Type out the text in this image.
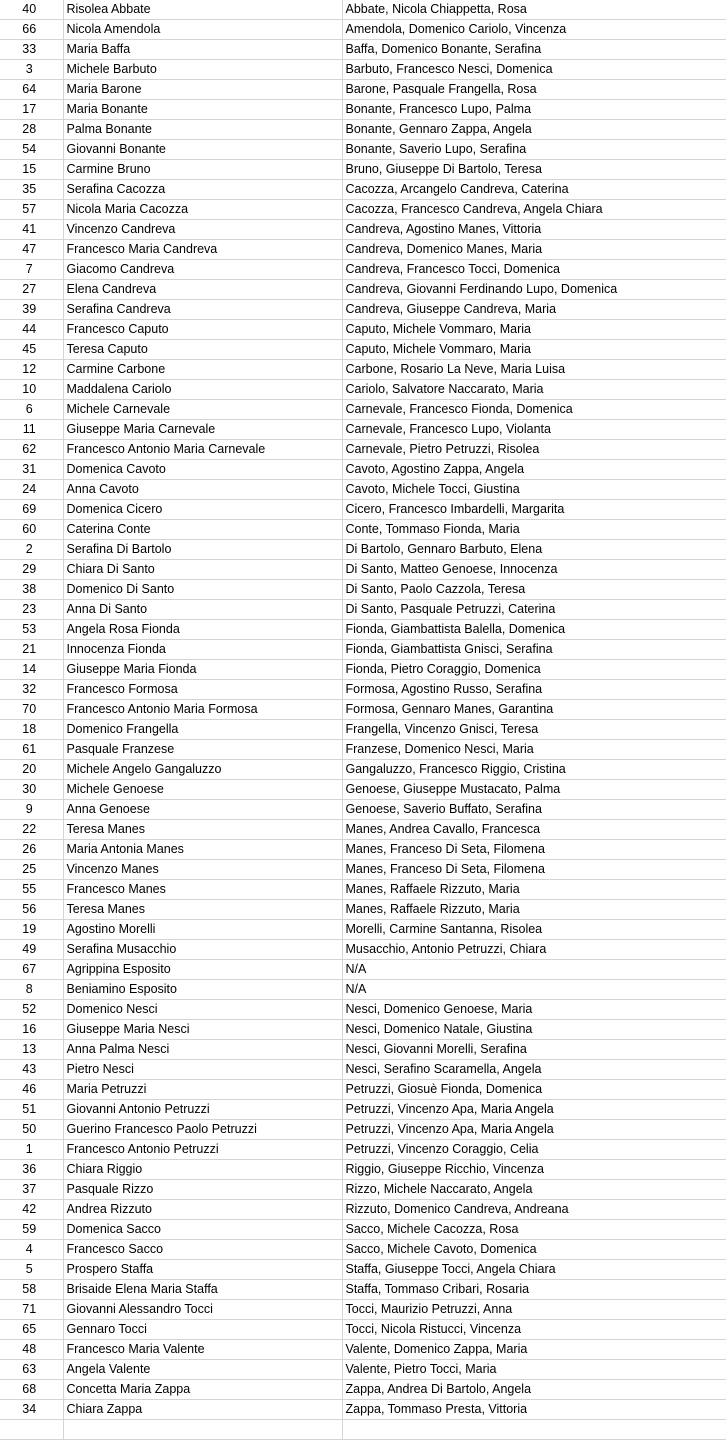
40	Risolea Abbate	Abbate, Nicola Chiappetta, Rosa
66	Nicola Amendola	Amendola, Domenico Cariolo, Vincenza
33	Maria Baffa	Baffa, Domenico Bonante, Serafina
3	Michele Barbuto	Barbuto, Francesco Nesci, Domenica
64	Maria Barone	Barone, Pasquale Frangella, Rosa
17	Maria Bonante	Bonante, Francesco Lupo, Palma
28	Palma Bonante	Bonante, Gennaro Zappa, Angela
54	Giovanni Bonante	Bonante, Saverio Lupo, Serafina
15	Carmine Bruno	Bruno, Giuseppe Di Bartolo, Teresa
35	Serafina Cacozza	Cacozza, Arcangelo Candreva, Caterina
57	Nicola Maria Cacozza	Cacozza, Francesco Candreva, Angela Chiara
41	Vincenzo Candreva	Candreva, Agostino Manes, Vittoria
47	Francesco Maria Candreva	Candreva, Domenico Manes, Maria
7	Giacomo Candreva	Candreva, Francesco Tocci, Domenica
27	Elena Candreva	Candreva, Giovanni Ferdinando Lupo, Domenica
39	Serafina Candreva	Candreva, Giuseppe Candreva, Maria
44	Francesco Caputo	Caputo, Michele Vommaro, Maria
45	Teresa Caputo	Caputo, Michele Vommaro, Maria
12	Carmine Carbone	Carbone, Rosario La Neve, Maria Luisa
10	Maddalena Cariolo	Cariolo, Salvatore Naccarato, Maria
6	Michele Carnevale	Carnevale, Francesco Fionda, Domenica
11	Giuseppe Maria Carnevale	Carnevale, Francesco Lupo, Violanta
62	Francesco Antonio Maria Carnevale	Carnevale, Pietro Petruzzi, Risolea
31	Domenica Cavoto	Cavoto, Agostino Zappa, Angela
24	Anna Cavoto	Cavoto, Michele Tocci, Giustina
69	Domenica Cicero	Cicero, Francesco Imbardelli, Margarita
60	Caterina Conte	Conte, Tommaso Fionda, Maria
2	Serafina Di Bartolo	Di Bartolo, Gennaro Barbuto, Elena
29	Chiara Di Santo	Di Santo, Matteo Genoese, Innocenza
38	Domenico Di Santo	Di Santo, Paolo Cazzola, Teresa
23	Anna Di Santo	Di Santo, Pasquale Petruzzi, Caterina
53	Angela Rosa Fionda	Fionda, Giambattista Balella, Domenica
21	Innocenza Fionda	Fionda, Giambattista Gnisci, Serafina
14	Giuseppe Maria Fionda	Fionda, Pietro Coraggio, Domenica
32	Francesco Formosa	Formosa, Agostino Russo, Serafina
70	Francesco Antonio Maria Formosa	Formosa, Gennaro Manes, Garantina
18	Domenico Frangella	Frangella, Vincenzo Gnisci, Teresa
61	Pasquale Franzese	Franzese, Domenico Nesci, Maria
20	Michele Angelo Gangaluzzo	Gangaluzzo, Francesco Riggio, Cristina
30	Michele Genoese	Genoese, Giuseppe Mustacato, Palma
9	Anna Genoese	Genoese, Saverio Buffato, Serafina
22	Teresa Manes	Manes, Andrea Cavallo, Francesca
26	Maria Antonia Manes	Manes, Franceso Di Seta, Filomena
25	Vincenzo Manes	Manes, Franceso Di Seta, Filomena
55	Francesco Manes	Manes, Raffaele Rizzuto, Maria
56	Teresa Manes	Manes, Raffaele Rizzuto, Maria
19	Agostino Morelli	Morelli, Carmine Santanna, Risolea
49	Serafina Musacchio	Musacchio, Antonio Petruzzi, Chiara
67	Agrippina Esposito	N/A
8	Beniamino Esposito	N/A
52	Domenico Nesci	Nesci, Domenico Genoese, Maria
16	Giuseppe Maria Nesci	Nesci, Domenico Natale, Giustina
13	Anna Palma Nesci	Nesci, Giovanni Morelli, Serafina
43	Pietro Nesci	Nesci, Serafino Scaramella, Angela
46	Maria Petruzzi	Petruzzi, Giosuè Fionda, Domenica
51	Giovanni Antonio Petruzzi	Petruzzi, Vincenzo Apa, Maria Angela
50	Guerino Francesco Paolo Petruzzi	Petruzzi, Vincenzo Apa, Maria Angela
1	Francesco Antonio Petruzzi	Petruzzi, Vincenzo Coraggio, Celia
36	Chiara Riggio	Riggio, Giuseppe Ricchio, Vincenza
37	Pasquale Rizzo	Rizzo, Michele Naccarato, Angela
42	Andrea Rizzuto	Rizzuto, Domenico Candreva, Andreana
59	Domenica Sacco	Sacco, Michele Cacozza, Rosa
4	Francesco Sacco	Sacco, Michele Cavoto, Domenica
5	Prospero Staffa	Staffa, Giuseppe Tocci, Angela Chiara
58	Brisaide Elena Maria Staffa	Staffa, Tommaso Cribari, Rosaria
71	Giovanni Alessandro Tocci	Tocci, Maurizio Petruzzi, Anna
65	Gennaro Tocci	Tocci, Nicola Ristucci, Vincenza
48	Francesco Maria Valente	Valente, Domenico Zappa, Maria
63	Angela Valente	Valente, Pietro Tocci, Maria
68	Concetta Maria Zappa	Zappa, Andrea Di Bartolo, Angela
34	Chiara Zappa	Zappa, Tommaso Presta, Vittoria
